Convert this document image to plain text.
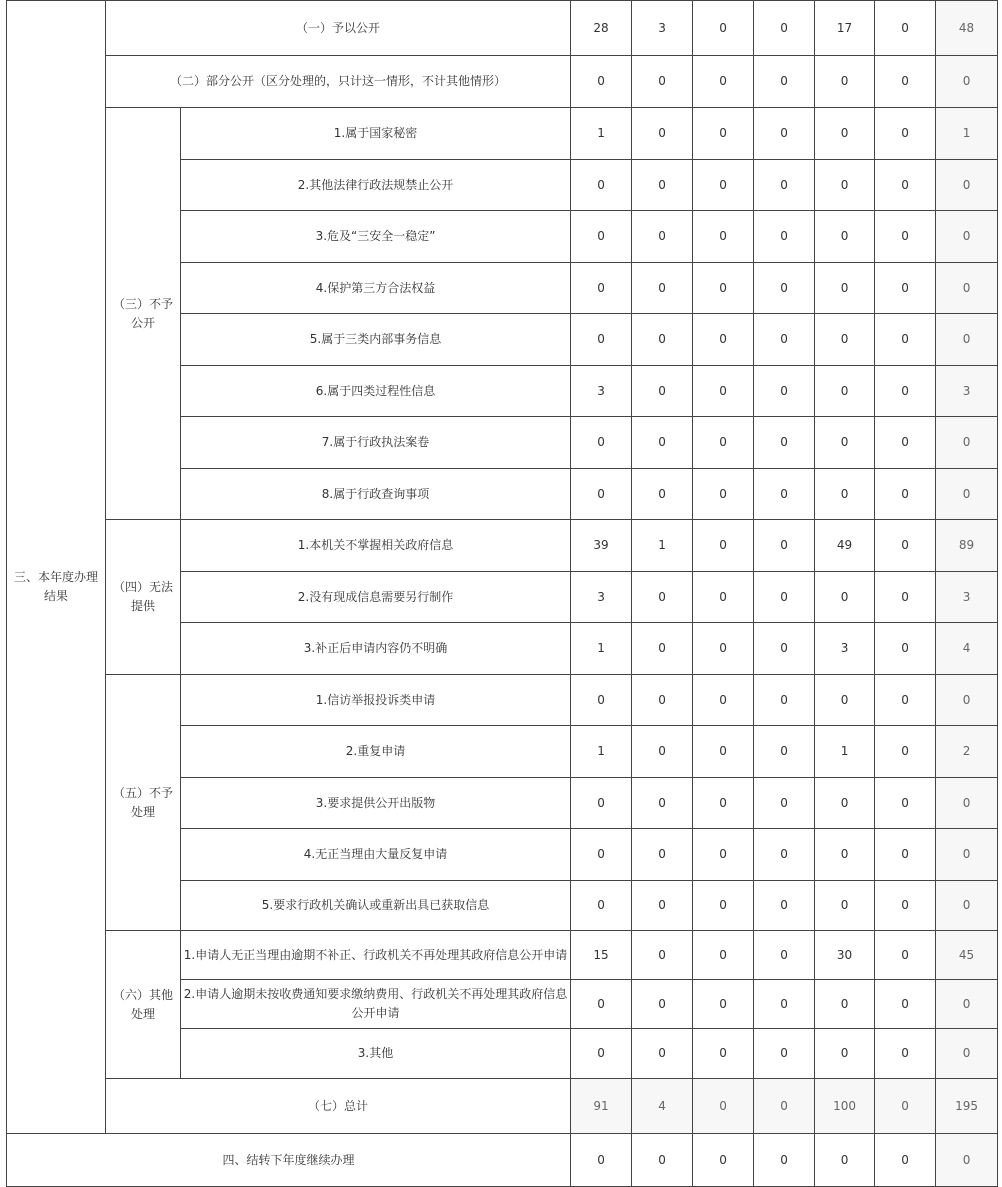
三、本年度办理结果	（一）予以公开		28	3	0	0	17	0	48
	（二）部分公开（区分处理的，只计这一情形，不计其他情形）		0	0	0	0	0	0	0
	（三）不予公开	1.属于国家秘密	1	0	0	0	0	0	1
		2.其他法律行政法规禁止公开	0	0	0	0	0	0	0
		3.危及“三安全一稳定”	0	0	0	0	0	0	0
		4.保护第三方合法权益	0	0	0	0	0	0	0
		5.属于三类内部事务信息	0	0	0	0	0	0	0
		6.属于四类过程性信息	3	0	0	0	0	0	3
		7.属于行政执法案卷	0	0	0	0	0	0	0
		8.属于行政查询事项	0	0	0	0	0	0	0
	（四）无法提供	1.本机关不掌握相关政府信息	39	1	0	0	49	0	89
		2.没有现成信息需要另行制作	3	0	0	0	0	0	3
		3.补正后申请内容仍不明确	1	0	0	0	3	0	4
	（五）不予处理	1.信访举报投诉类申请	0	0	0	0	0	0	0
		2.重复申请	1	0	0	0	1	0	2
		3.要求提供公开出版物	0	0	0	0	0	0	0
		4.无正当理由大量反复申请	0	0	0	0	0	0	0
		5.要求行政机关确认或重新出具已获取信息	0	0	0	0	0	0	0
	（六）其他处理	1.申请人无正当理由逾期不补正、行政机关不再处理其政府信息公开申请	15	0	0	0	30	0	45
		2.申请人逾期未按收费通知要求缴纳费用、行政机关不再处理其政府信息公开申请	0	0	0	0	0	0	0
		3.其他	0	0	0	0	0	0	0
	（七）总计		91	4	0	0	100	0	195
四、结转下年度继续办理			0	0	0	0	0	0	0
